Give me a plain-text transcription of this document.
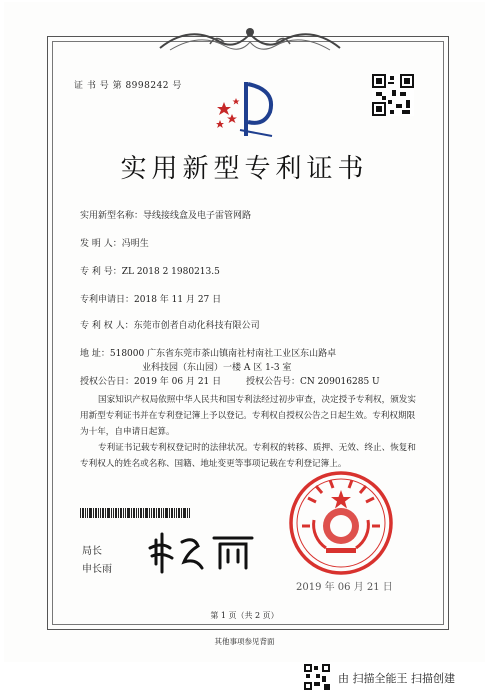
证 书 号 第 8998242 号
实用新型专利证书
实用新型名称：导线接线盒及电子雷管网路
发 明 人：冯明生
专 利 号：ZL 2018 2 1980213.5
专利申请日：2018 年 11 月 27 日
专 利 权 人：东莞市创者自动化科技有限公司
地 址：518000 广东省东莞市茶山镇南社村南社工业区东山路卓
业科技园（东山园）一楼 A 区 1-3 室
授权公告日：2019 年 06 月 21 日	授权公告号：CN 209016285 U
国家知识产权局依照中华人民共和国专利法经过初步审查，决定授予专利权，颁发实用新型专利证书并在专利登记簿上予以登记。专利权自授权公告之日起生效。专利权期限为十年，自申请日起算。
专利证书记载专利权登记时的法律状况。专利权的转移、质押、无效、终止、恢复和专利权人的姓名或名称、国籍、地址变更等事项记载在专利登记簿上。
局长
申长雨
2019 年 06 月 21 日
第 1 页（共 2 页）
其他事项参见背面
由 扫描全能王 扫描创建
